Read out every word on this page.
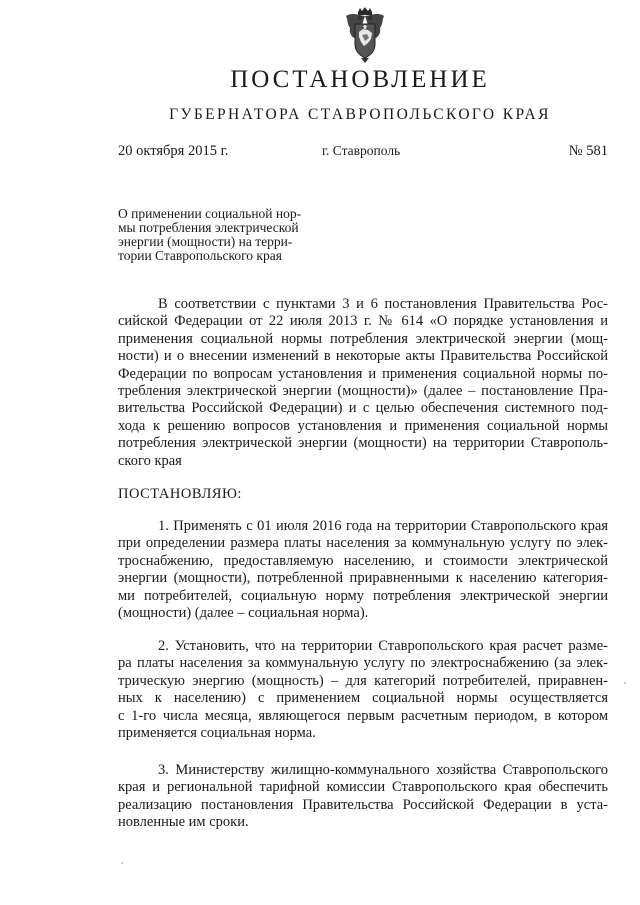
ПОСТАНОВЛЕНИЕ
ГУБЕРНАТОРА СТАВРОПОЛЬСКОГО КРАЯ
20 октября 2015 г.	г. Ставрополь	№ 581
О применении социальной нор-
мы потребления электрической
энергии (мощности) на терри-
тории Ставропольского края
В соответствии с пунктами 3 и 6 постановления Правительства Рос-
сийской Федерации от 22 июля 2013 г. № 614 «О порядке установления и
применения социальной нормы потребления электрической энергии (мощ-
ности) и о внесении изменений в некоторые акты Правительства Российской
Федерации по вопросам установления и применения социальной нормы по-
требления электрической энергии (мощности)» (далее – постановление Пра-
вительства Российской Федерации) и с целью обеспечения системного под-
хода к решению вопросов установления и применения социальной нормы
потребления электрической энергии (мощности) на территории Ставрополь-
ского края
ПОСТАНОВЛЯЮ:
1. Применять с 01 июля 2016 года на территории Ставропольского края
при определении размера платы населения за коммунальную услугу по элек-
троснабжению, предоставляемую населению, и стоимости электрической
энергии (мощности), потребленной приравненными к населению категория-
ми потребителей, социальную норму потребления электрической энергии
(мощности) (далее – социальная норма).
2. Установить, что на территории Ставропольского края расчет разме-
ра платы населения за коммунальную услугу по электроснабжению (за элек-
трическую энергию (мощность) – для категорий потребителей, приравнен-
ных к населению) с применением социальной нормы осуществляется
с 1-го числа месяца, являющегося первым расчетным периодом, в котором
применяется социальная норма.
3. Министерству жилищно-коммунального хозяйства Ставропольского
края и региональной тарифной комиссии Ставропольского края обеспечить
реализацию постановления Правительства Российской Федерации в уста-
новленные им сроки.
